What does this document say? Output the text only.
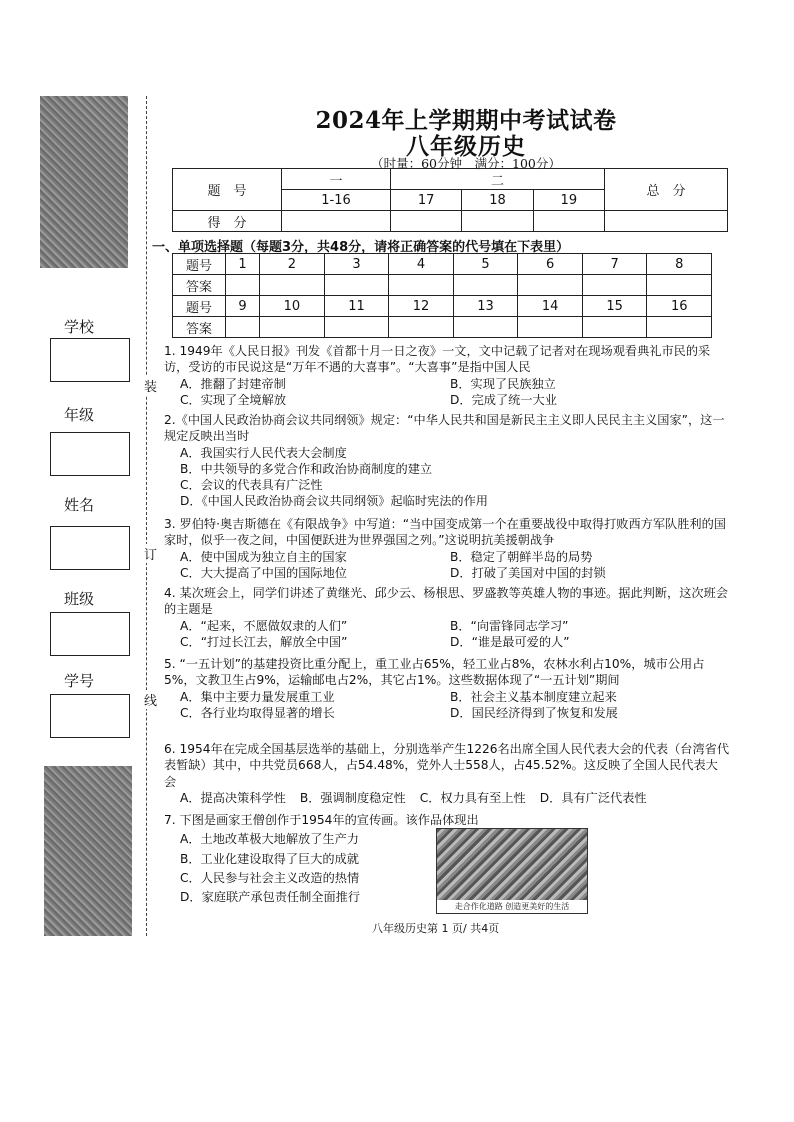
学校
年级
姓名
班级
学号
装
订
线
2024年上学期期中考试试卷
八年级历史
（时量：60分钟　满分：100分）
题　号	一	二			总　分
	1-16	17	18	19	
得　分					
一、单项选择题（每题3分，共48分，请将正确答案的代号填在下表里）
题号	1	2	3	4	5	6	7	8
答案								
题号	9	10	11	12	13	14	15	16
答案								
1. 1949年《人民日报》刊发《首都十月一日之夜》一文，文中记载了记者对在现场观看典礼市民的采访，受访的市民说这是“万年不遇的大喜事”。“大喜事”是指中国人民
A．推翻了封建帝制	B．实现了民族独立
C．实现了全境解放	D．完成了统一大业
2.《中国人民政治协商会议共同纲领》规定：“中华人民共和国是新民主主义即人民民主主义国家”，这一规定反映出当时
A．我国实行人民代表大会制度
B．中共领导的多党合作和政治协商制度的建立
C．会议的代表具有广泛性
D．《中国人民政治协商会议共同纲领》起临时宪法的作用
3. 罗伯特·奥吉斯德在《有限战争》中写道：“当中国变成第一个在重要战役中取得打败西方军队胜利的国家时，似乎一夜之间，中国便跃进为世界强国之列。”这说明抗美援朝战争
A．使中国成为独立自主的国家	B．稳定了朝鲜半岛的局势
C．大大提高了中国的国际地位	D．打破了美国对中国的封锁
4. 某次班会上，同学们讲述了黄继光、邱少云、杨根思、罗盛教等英雄人物的事迹。据此判断，这次班会的主题是
A．“起来，不愿做奴隶的人们”	B．“向雷锋同志学习”
C．“打过长江去，解放全中国”	D．“谁是最可爱的人”
5. “一五计划”的基建投资比重分配上，重工业占65%，轻工业占8%，农林水利占10%，城市公用占5%，文教卫生占9%，运输邮电占2%，其它占1%。这些数据体现了“一五计划”期间
A．集中主要力量发展重工业	B．社会主义基本制度建立起来
C．各行业均取得显著的增长	D．国民经济得到了恢复和发展
6. 1954年在完成全国基层选举的基础上，分别选举产生1226名出席全国人民代表大会的代表（台湾省代表暂缺）其中，中共党员668人，占54.48%，党外人士558人，占45.52%。这反映了全国人民代表大会
A．提高决策科学性 B．强调制度稳定性 C．权力具有至上性 D．具有广泛代表性
7. 下图是画家王僧创作于1954年的宣传画。该作品体现出
A．土地改革极大地解放了生产力
B．工业化建设取得了巨大的成就
C．人民参与社会主义改造的热情
D．家庭联产承包责任制全面推行
走合作化道路 创造更美好的生活
八年级历史第 1 页/ 共4页
